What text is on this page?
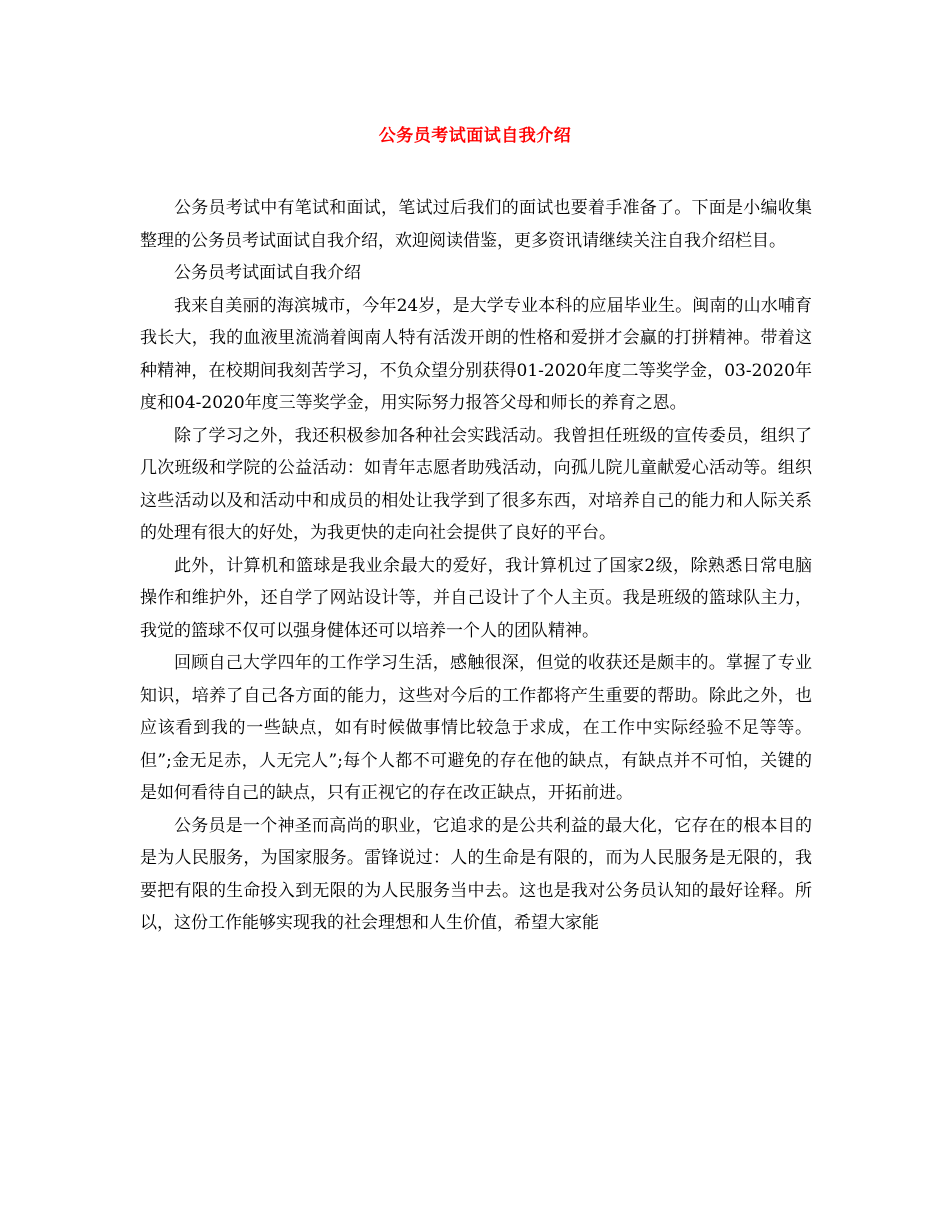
公务员考试面试自我介绍

公务员考试中有笔试和面试，笔试过后我们的面试也要着手准备了。下面是小编收集整理的公务员考试面试自我介绍，欢迎阅读借鉴，更多资讯请继续关注自我介绍栏目。

公务员考试面试自我介绍

我来自美丽的海滨城市，今年24岁，是大学专业本科的应届毕业生。闽南的山水哺育我长大，我的血液里流淌着闽南人特有活泼开朗的性格和爱拼才会赢的打拼精神。带着这种精神，在校期间我刻苦学习，不负众望分别获得01-2020年度二等奖学金，03-2020年度和04-2020年度三等奖学金，用实际努力报答父母和师长的养育之恩。

除了学习之外，我还积极参加各种社会实践活动。我曾担任班级的宣传委员，组织了几次班级和学院的公益活动：如青年志愿者助残活动，向孤儿院儿童献爱心活动等。组织这些活动以及和活动中和成员的相处让我学到了很多东西，对培养自己的能力和人际关系的处理有很大的好处，为我更快的走向社会提供了良好的平台。

此外，计算机和篮球是我业余最大的爱好，我计算机过了国家2级，除熟悉日常电脑操作和维护外，还自学了网站设计等，并自己设计了个人主页。我是班级的篮球队主力，我觉的篮球不仅可以强身健体还可以培养一个人的团队精神。

回顾自己大学四年的工作学习生活，感触很深，但觉的收获还是颇丰的。掌握了专业知识，培养了自己各方面的能力，这些对今后的工作都将产生重要的帮助。除此之外，也应该看到我的一些缺点，如有时候做事情比较急于求成，在工作中实际经验不足等等。但”;金无足赤，人无完人”;每个人都不可避免的存在他的缺点，有缺点并不可怕，关键的是如何看待自己的缺点，只有正视它的存在改正缺点，开拓前进。

公务员是一个神圣而高尚的职业，它追求的是公共利益的最大化，它存在的根本目的是为人民服务，为国家服务。雷锋说过：人的生命是有限的，而为人民服务是无限的，我要把有限的生命投入到无限的为人民服务当中去。这也是我对公务员认知的最好诠释。所以，这份工作能够实现我的社会理想和人生价值，希望大家能
